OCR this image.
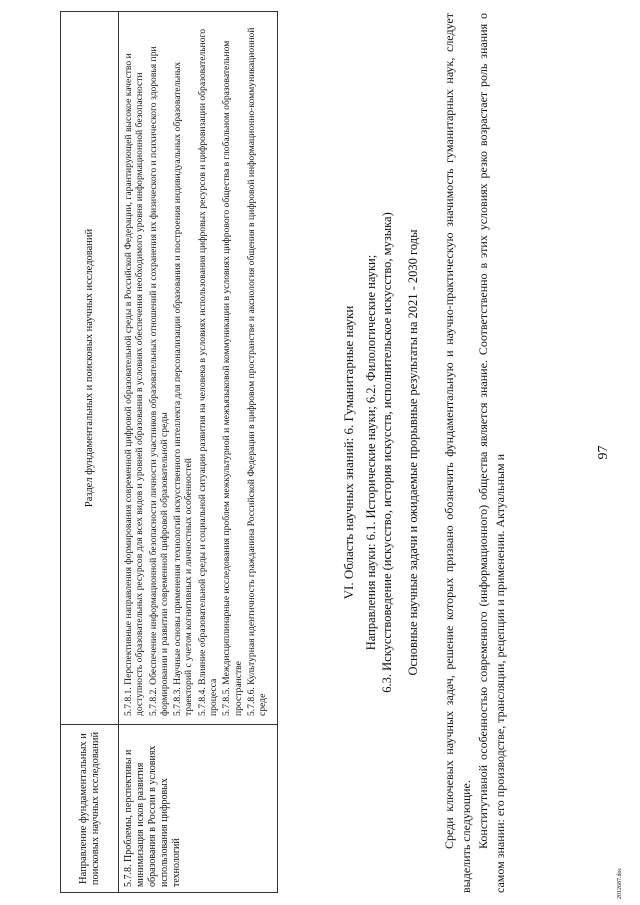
Направление фундаментальных и поисковых научных исследований
Раздел фундаментальных и поисковых научных исследований
5.7.8. Проблемы, перспективы и минимизация исков развития образования в России в условиях использования цифровых технологий
5.7.8.1. Перспективные направления формирования современной цифровой образовательной среды в Российской Федерации, гарантирующей высокое качество и доступность образовательных ресурсов для всех видов и уровней образования в условиях обеспечения необходимого уровня информационной безопасности 5.7.8.2. Обеспечение информационной безопасности личности участников образовательных отношений и сохранения их физического и психического здоровья при формировании и развитии современной цифровой образовательной среды 5.7.8.3. Научные основы применения технологий искусственного интеллекта для персонализации образования и построения индивидуальных образовательных траекторий с учетом когнитивных и личностных особенностей 5.7.8.4. Влияние образовательной среды и социальной ситуации развития на человека в условиях использования цифровых ресурсов и цифровизации образовательного процесса 5.7.8.5. Междисциплинарные исследования проблем межкультурной и межъязыковой коммуникации в условиях цифрового общества в глобальном образовательном пространстве 5.7.8.6. Культурная идентичность гражданина Российской Федерации в цифровом пространстве и аксиология общения в цифровой информационно-коммуникационной среде
VI. Область научных знаний: 6. Гуманитарные науки Направления науки: 6.1. Исторические науки; 6.2. Филологические науки; 6.3. Искусствоведение (искусство, история искусств, исполнительское искусство, музыка) Основные научные задачи и ожидаемые прорывные результаты на 2021 - 2030 годы Среди ключевых научных задач, решение которых призвано обозначить фундаментальную и научно-практическую значимость гуманитарных наук, следует выделить следующие. Конститутивной особенностью современного (информационного) общества является знание. Соответственно в этих условиях резко возрастает роль знания о самом знании: его производстве, трансляции, рецепции и применении. Актуальным и

97
2012687.doc
